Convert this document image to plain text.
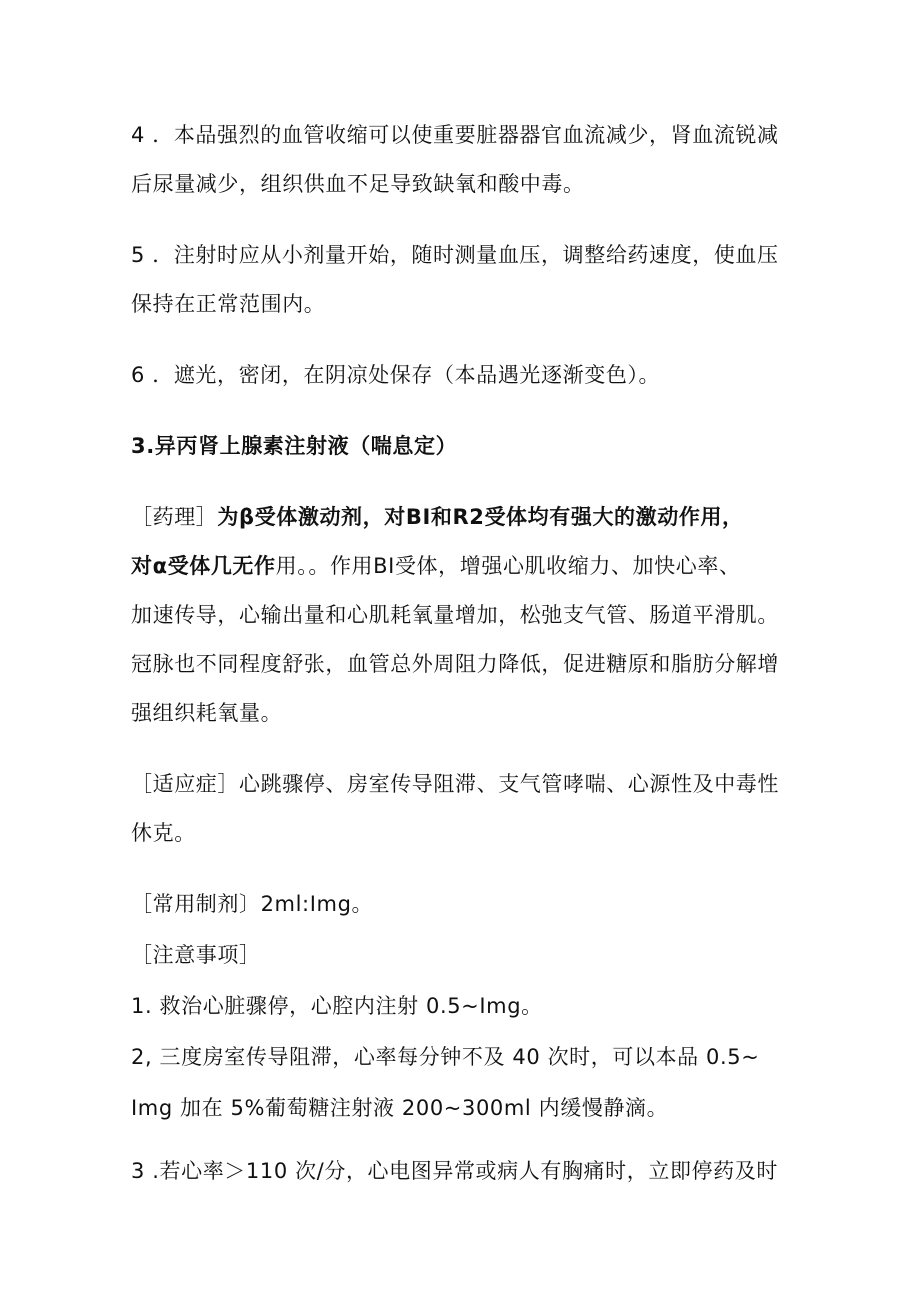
4 ．本品强烈的血管收缩可以使重要脏器器官血流减少，肾血流锐减
后尿量减少，组织供血不足导致缺氧和酸中毒。
5 ．注射时应从小剂量开始，随时测量血压，调整给药速度，使血压
保持在正常范围内。
6 ．遮光，密闭，在阴凉处保存（本品遇光逐渐变色）。
3.异丙肾上腺素注射液（喘息定）
［药理］为β受体激动剂，对BI和R2受体均有强大的激动作用，
对α受体几无作用。。作用BI受体，增强心肌收缩力、加快心率、
加速传导，心输出量和心肌耗氧量增加，松弛支气管、肠道平滑肌。
冠脉也不同程度舒张，血管总外周阻力降低，促进糖原和脂肪分解增
强组织耗氧量。
［适应症］心跳骤停、房室传导阻滞、支气管哮喘、心源性及中毒性
休克。
［常用制剂〕2ml:Img。
［注意事项］
1. 救治心脏骤停，心腔内注射 0.5~Img。
2, 三度房室传导阻滞，心率每分钟不及 40 次时，可以本品 0.5~
Img 加在 5%葡萄糖注射液 200~300ml 内缓慢静滴。
3 .若心率＞110 次/分，心电图异常或病人有胸痛时，立即停药及时
